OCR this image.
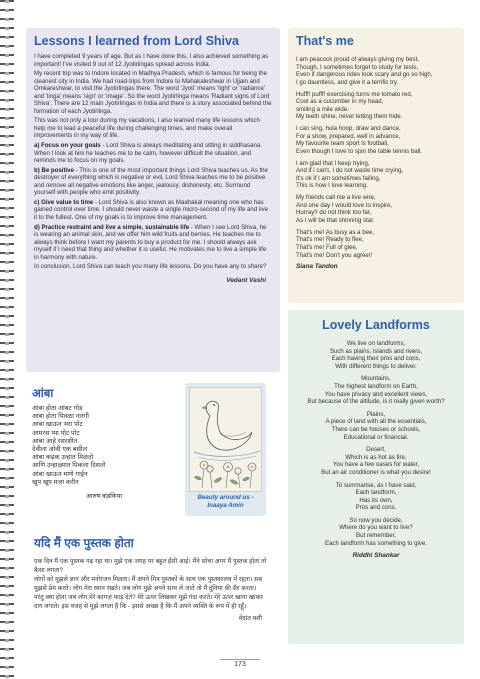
Lessons I learned from Lord Shiva
I have completed 9 years of age. But as I have done this, I also achieved something as important! I've visited 9 out of 12 Jyotirlingas spread across India.
My recent trip was to Indore located in Madhya Pradesh, which is famous for being the cleanest city in India. We had road-trips from Indore to Mahakaleshwar in Ujjain and Omkareshwar, to visit the Jyotirlingas there. The word 'Jyoti' means 'light' or 'radiance' and 'linga' means 'sign' or 'image'. So the word Jyotirlinga means 'Radiant signs of Lord Shiva'. There are 12 main Jyotirlingas in India and there is a story associated behind the formation of each Jyotirlinga.
This was not only a tour during my vacations, I also learned many life lessons which help me to lead a peaceful life during challenging times, and make overall improvements in my way of life.
a) Focus on your goals - Lord Shiva is always meditating and sitting in siddhasana. When I look at him he teaches me to be calm, however difficult the situation, and reminds me to focus on my goals.
b) Be positive - This is one of the most important things Lord Shiva teaches us. As the destroyer of everything which is negative or evil, Lord Shiva teaches me to be positive and remove all negative emotions like anger, jealousy, dishonesty, etc. Surround yourself with people who emit positivity.
c) Give value to time - Lord Shiva is also known as Maahakal meaning one who has gained control over time. I should never waste a single micro-second of my life and live it to the fullest. One of my goals is to improve time management.
d) Practice restraint and live a simple, sustainable life - When I see Lord Shiva, he is wearing an animal skin, and we offer him wild fruits and berries. He teaches me to always think before I want my parents to buy a product for me. I should always ask myself if I need that thing and whether it is useful. He motivates me to live a simple life in harmony with nature.
In conclusion, Lord Shiva can teach you many life lessons. Do you have any to share?
Vedant Vashi
That's me
I am peacock proud of always giving my best,
Though, I sometimes forget to study for tests,
Even if dangerous rides look scary and go so high,
I go dauntless, and give it a terrific try.
Hufff! pufff! exercising turns me tomato red,
Cool as a cucumber in my head,
smiling a mile wide.
My teeth shine, never letting them hide.
I can sing, hula hoop, draw and dance,
For a show, prepared, well in advance,
My favourite team sport is football,
Even though I love to spin the table tennis ball.
I am glad that I keep trying,
And if i can't, I do not waste time crying,
It's ok if I am sometimes failing,
This is how I love learning.
My friends call me a live wire,
And one day I would love to inspire,
Hurray!! do not think too far,
As I will be that shinning star.
That's me! As busy as a bee,
That's me! Ready to flee,
That's me! Full of glee,
That's me! Don't you agree!!
Siana Tandon
आंबा
आंबा होता आंबट गोड
आंबा होता पिवळा नारंगी
आंबा खाऊन भरा पोट
आमरस प्या पोट पोट
आंबा आहे रसरशीत
देवीला ओवी एक बसील
आंबा कढ़क उन्हात मिळतो
आणि उन्हाळ्यात पिकला दिसतो
आंबा खाऊन माणे गाईन
खूप खूप मजा करीन
आरुष कडकिया	Beauty around us - Inaaya Amin
यदि मैं एक पुस्तक होता
एक दिन मैं एक पुस्तक पढ़ रहा था। मुझे एक जगह पर बहुत हँसी आई। मैंने सोचा अगर मैं पुस्तक होता तो कैसा लगता?
लोगों को मुझसे ज्ञान और मनोरंजन मिलता। मैं अपने मित्र पुस्तकों के साथ एक पुस्तकालय में रहता। सब मुझसे प्रेम करते। लोग मेरा ध्यान रखते। जब लोग मुझे अपने साथ ले जाते तो मैं दुनिया की सैर करता।
परंतु क्या होता जब लोग मेरे कागज़ फाड़ देते? मेरे ऊपर लिखकर मुझे गंदा करते। मेरे ऊपर खाना खाकर दाग लगाते। इस वजह से मुझे लगता है कि - इससे अच्छा है कि मैं अपने व्यक्ति के रूप में ही रहूँ।
वेदांत वशी
Lovely Landforms
We live on landforms,
Such as plains, islands and rivers,
Each having their pros and cons,
With different things to deliver.
Mountains,
The highest landform on Earth,
You have privacy and excellent views,
But because of the altitude, is it really given worth?
Plains,
A piece of land with all the essentials,
There can be houses or schools,
Educational or financial.
Desert,
Which is as hot as fire,
You have a few oases for water,
But an air conditioner is what you desire!
To summarise, as I have said,
Each landform,
Has its own,
Pros and cons.
So now you decide,
Where do you want to live?
But remember,
Each landform has something to give.
Riddhi Shankar
173
